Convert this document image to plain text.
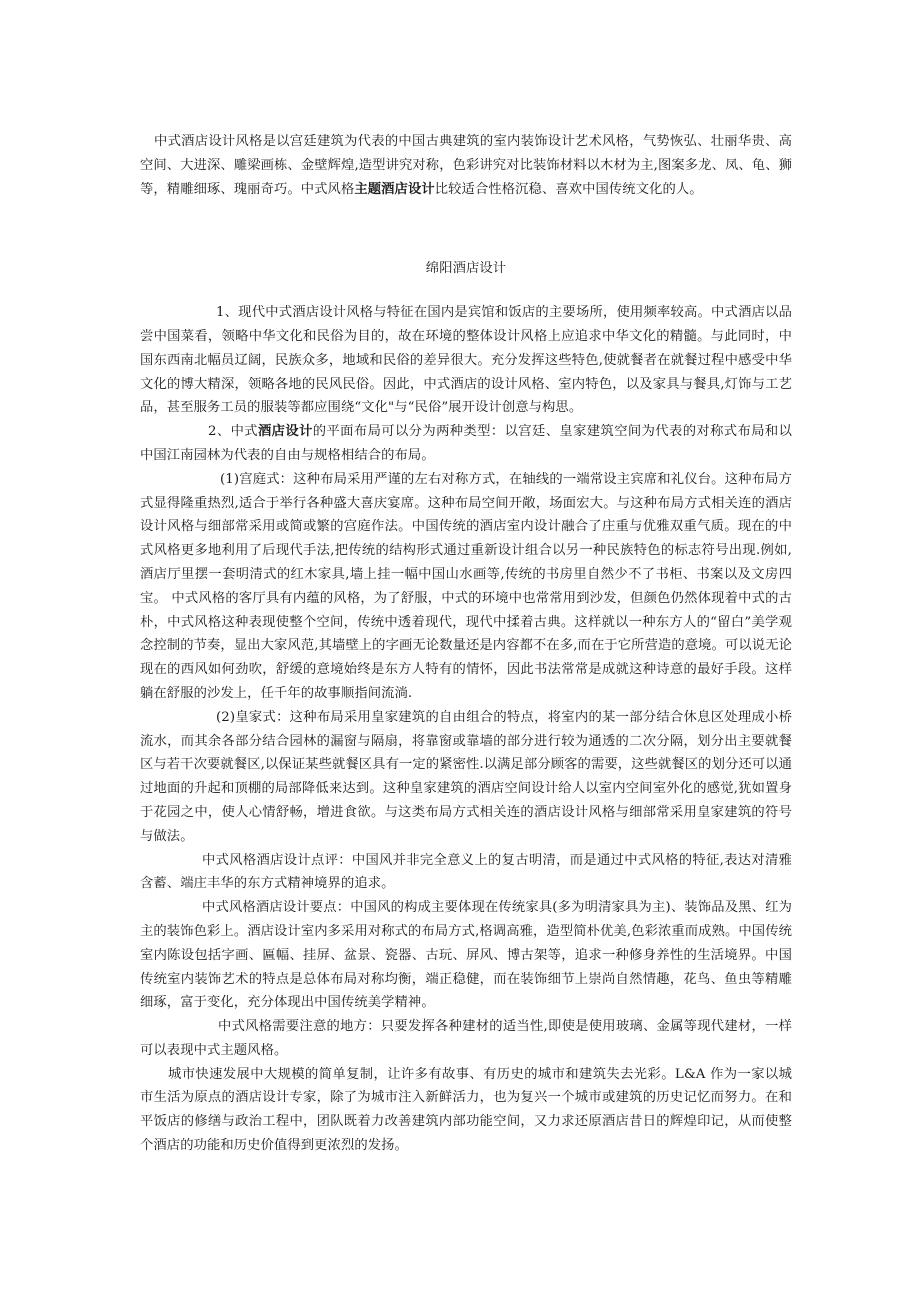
中式酒店设计风格是以宫廷建筑为代表的中国古典建筑的室内装饰设计艺术风格，气势恢弘、壮丽华贵、高空间、大进深、雕梁画栋、金壁辉煌,造型讲究对称，色彩讲究对比装饰材料以木材为主,图案多龙、凤、龟、狮等，精雕细琢、瑰丽奇巧。中式风格主题酒店设计比较适合性格沉稳、喜欢中国传统文化的人。

绵阳酒店设计

1、现代中式酒店设计风格与特征在国内是宾馆和饭店的主要场所，使用频率较高。中式酒店以品尝中国菜看，领略中华文化和民俗为目的，故在环境的整体设计风格上应追求中华文化的精髓。与此同时，中国东西南北幅员辽阔，民族众多，地域和民俗的差异很大。充分发挥这些特色,使就餐者在就餐过程中感受中华文化的博大精深，领略各地的民风民俗。因此，中式酒店的设计风格、室内特色，以及家具与餐具,灯饰与工艺品，甚至服务工员的服装等都应围绕“文化"与“民俗”展开设计创意与构思。

2、中式酒店设计的平面布局可以分为两种类型：以宫廷、皇家建筑空间为代表的对称式布局和以中国江南园林为代表的自由与规格相结合的布局。

(1)宫庭式：这种布局采用严谨的左右对称方式，在轴线的一端常设主宾席和礼仪台。这种布局方式显得隆重热烈,适合于举行各种盛大喜庆宴席。这种布局空间开敞，场面宏大。与这种布局方式相关连的酒店设计风格与细部常采用或简或繁的宫庭作法。中国传统的酒店室内设计融合了庄重与优雅双重气质。现在的中式风格更多地利用了后现代手法,把传统的结构形式通过重新设计组合以另一种民族特色的标志符号出现.例如,酒店厅里摆一套明清式的红木家具,墙上挂一幅中国山水画等,传统的书房里自然少不了书柜、书案以及文房四宝。 中式风格的客厅具有内蕴的风格，为了舒服，中式的环境中也常常用到沙发，但颜色仍然体现着中式的古朴，中式风格这种表现使整个空间，传统中透着现代，现代中揉着古典。这样就以一种东方人的“留白”美学观念控制的节奏，显出大家风范,其墙壁上的字画无论数量还是内容都不在多,而在于它所营造的意境。可以说无论现在的西风如何劲吹，舒缓的意境始终是东方人特有的情怀，因此书法常常是成就这种诗意的最好手段。这样躺在舒服的沙发上，任千年的故事顺指间流淌.

(2)皇家式：这种布局采用皇家建筑的自由组合的特点，将室内的某一部分结合休息区处理成小桥流水，而其余各部分结合园林的漏窗与隔扇，将靠窗或靠墙的部分进行较为通透的二次分隔，划分出主要就餐区与若干次要就餐区,以保证某些就餐区具有一定的紧密性.以满足部分顾客的需要，这些就餐区的划分还可以通过地面的升起和顶棚的局部降低来达到。这种皇家建筑的酒店空间设计给人以室内空间室外化的感觉,犹如置身于花园之中，使人心情舒畅，增进食欲。与这类布局方式相关连的酒店设计风格与细部常采用皇家建筑的符号与做法。

中式风格酒店设计点评：中国风并非完全意义上的复古明清，而是通过中式风格的特征,表达对清雅含蓄、端庄丰华的东方式精神境界的追求。

中式风格酒店设计要点：中国风的构成主要体现在传统家具(多为明清家具为主)、装饰品及黑、红为主的装饰色彩上。酒店设计室内多采用对称式的布局方式,格调高雅，造型简朴优美,色彩浓重而成熟。中国传统室内陈设包括字画、匾幅、挂屏、盆景、瓷器、古玩、屏风、博古架等，追求一种修身养性的生活境界。中国传统室内装饰艺术的特点是总体布局对称均衡，端正稳健，而在装饰细节上崇尚自然情趣，花鸟、鱼虫等精雕细琢，富于变化，充分体现出中国传统美学精神。

中式风格需要注意的地方：只要发挥各种建材的适当性,即使是使用玻璃、金属等现代建材，一样可以表现中式主题风格。

城市快速发展中大规模的简单复制，让许多有故事、有历史的城市和建筑失去光彩。L&A 作为一家以城市生活为原点的酒店设计专家，除了为城市注入新鲜活力，也为复兴一个城市或建筑的历史记忆而努力。在和平饭店的修缮与政治工程中，团队既着力改善建筑内部功能空间，又力求还原酒店昔日的辉煌印记，从而使整个酒店的功能和历史价值得到更浓烈的发扬。
